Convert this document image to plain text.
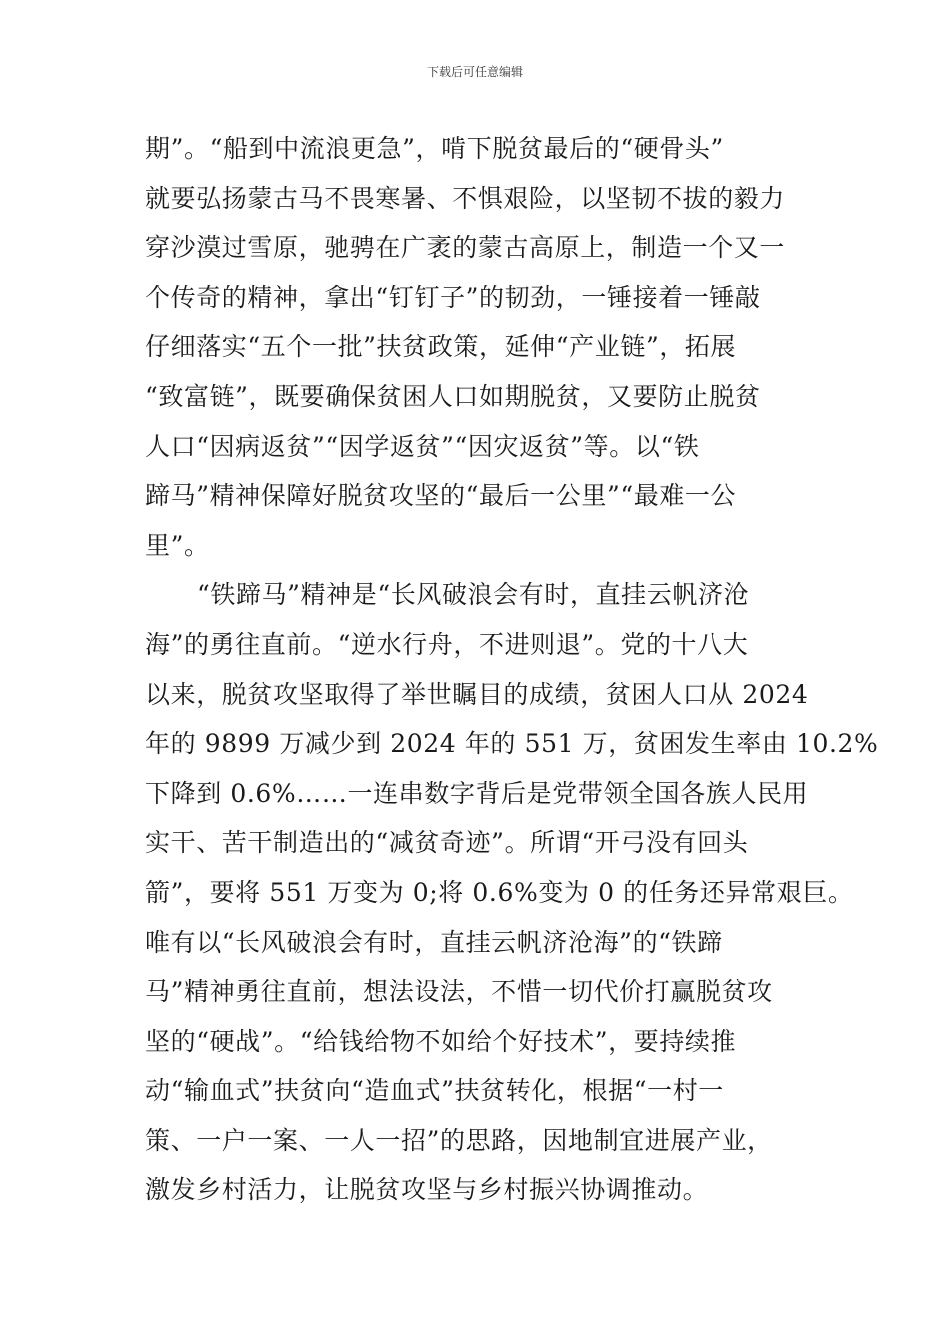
下载后可任意编辑
期”。“船到中流浪更急”，啃下脱贫最后的“硬骨头”
就要弘扬蒙古马不畏寒暑、不惧艰险，以坚韧不拔的毅力
穿沙漠过雪原，驰骋在广袤的蒙古高原上，制造一个又一
个传奇的精神，拿出“钉钉子”的韧劲，一锤接着一锤敲
仔细落实“五个一批”扶贫政策，延伸“产业链”，拓展
“致富链”，既要确保贫困人口如期脱贫，又要防止脱贫
人口“因病返贫”“因学返贫”“因灾返贫”等。以“铁
蹄马”精神保障好脱贫攻坚的“最后一公里”“最难一公
里”。
“铁蹄马”精神是“长风破浪会有时，直挂云帆济沧
海”的勇往直前。“逆水行舟，不进则退”。党的十八大
以来，脱贫攻坚取得了举世瞩目的成绩，贫困人口从 2024
年的 9899 万减少到 2024 年的 551 万，贫困发生率由 10.2%
下降到 0.6%……一连串数字背后是党带领全国各族人民用
实干、苦干制造出的“减贫奇迹”。所谓“开弓没有回头
箭”，要将 551 万变为 0;将 0.6%变为 0 的任务还异常艰巨。
唯有以“长风破浪会有时，直挂云帆济沧海”的“铁蹄
马”精神勇往直前，想法设法，不惜一切代价打赢脱贫攻
坚的“硬战”。“给钱给物不如给个好技术”，要持续推
动“输血式”扶贫向“造血式”扶贫转化，根据“一村一
策、一户一案、一人一招”的思路，因地制宜进展产业，
激发乡村活力，让脱贫攻坚与乡村振兴协调推动。
